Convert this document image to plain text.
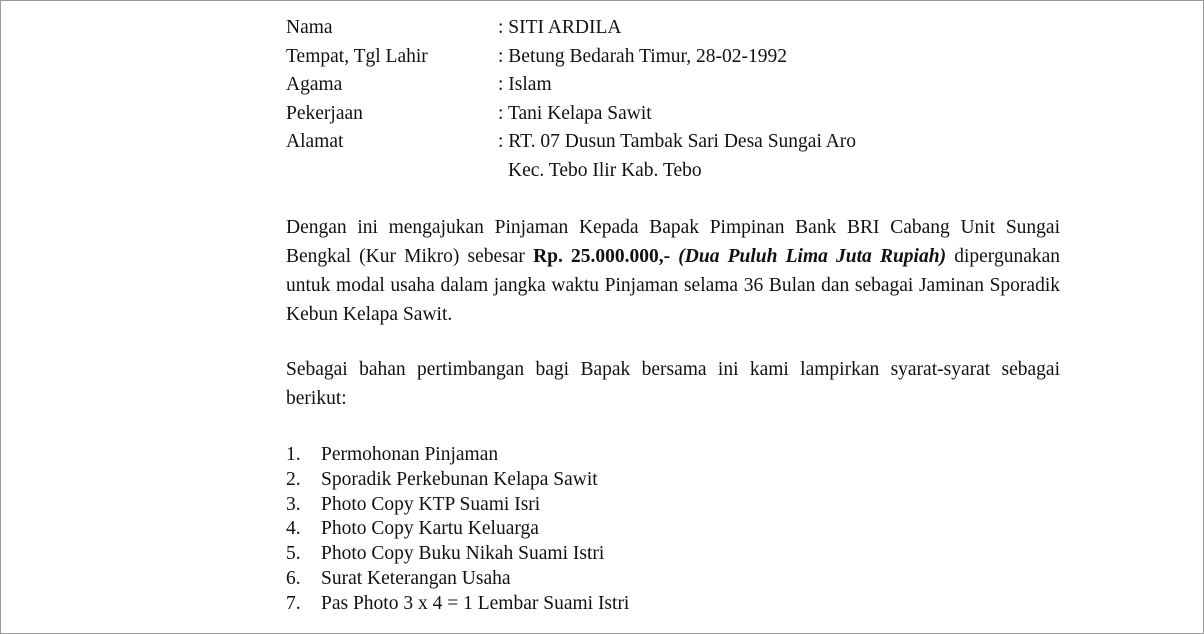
Nama	: SITI ARDILA
Tempat, Tgl Lahir	: Betung Bedarah Timur, 28-02-1992
Agama	: Islam
Pekerjaan	: Tani Kelapa Sawit
Alamat	: RT. 07 Dusun Tambak Sari Desa Sungai Aro
Kec. Tebo Ilir Kab. Tebo

Dengan ini mengajukan Pinjaman Kepada Bapak Pimpinan Bank BRI Cabang Unit Sungai Bengkal (Kur Mikro) sebesar Rp. 25.000.000,- (Dua Puluh Lima Juta Rupiah) dipergunakan untuk modal usaha dalam jangka waktu Pinjaman selama 36 Bulan dan sebagai Jaminan Sporadik Kebun Kelapa Sawit.

Sebagai bahan pertimbangan bagi Bapak bersama ini kami lampirkan syarat-syarat sebagai berikut:

1.	Permohonan Pinjaman
2.	Sporadik Perkebunan Kelapa Sawit
3.	Photo Copy KTP Suami Isri
4.	Photo Copy Kartu Keluarga
5.	Photo Copy Buku Nikah Suami Istri
6.	Surat Keterangan Usaha
7.	Pas Photo 3 x 4 = 1 Lembar Suami Istri
